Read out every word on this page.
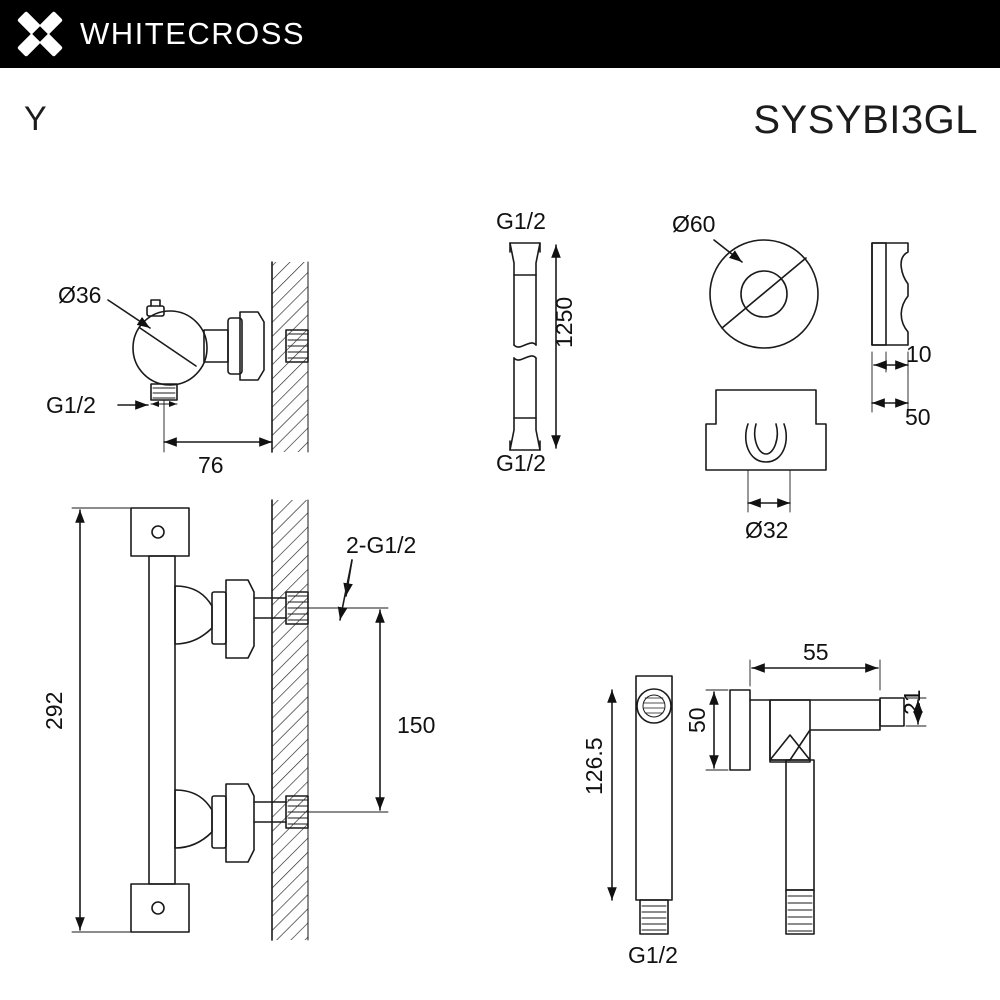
WHITECROSS
Y	SYSYBI3GL
Ø36
G1/2
76
G1/2
G1/2
1250
Ø60
Ø32
10
50
2-G1/2
292	150
126.5
G1/2
55
50
21
